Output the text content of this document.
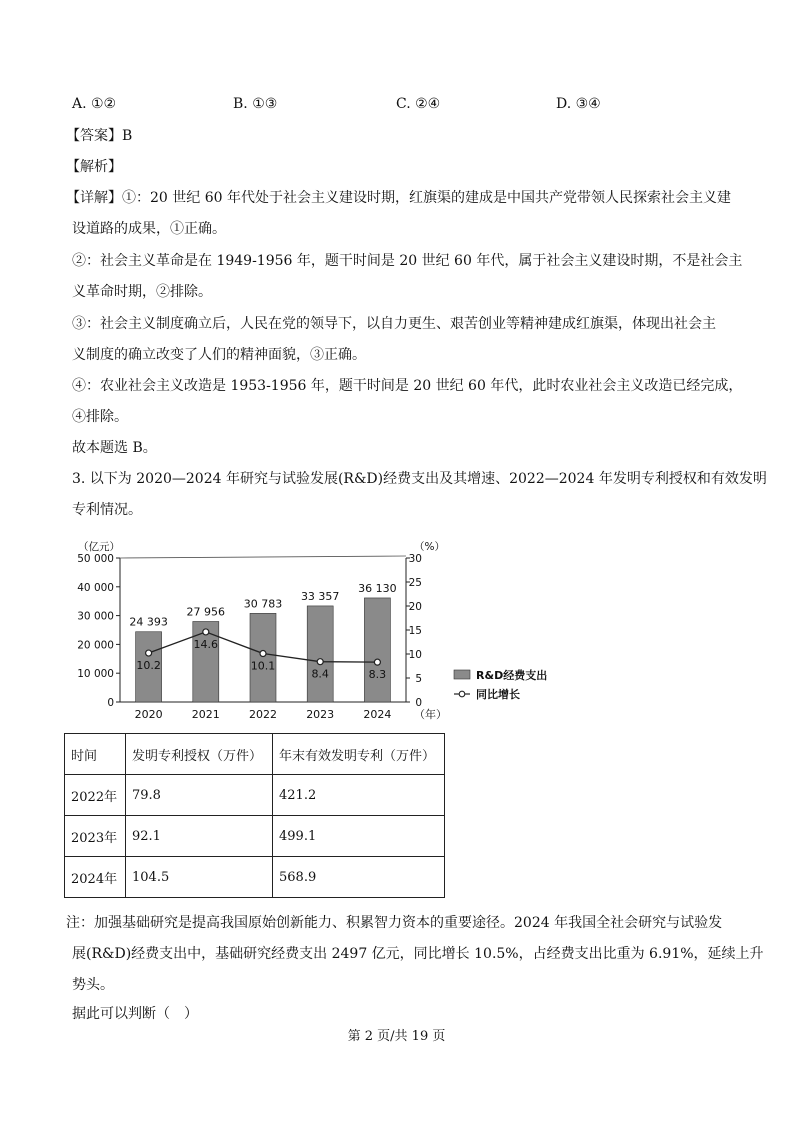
A. ①②	B. ①③	C. ②④	D. ③④
【答案】B
【解析】
【详解】①：20 世纪 60 年代处于社会主义建设时期，红旗渠的建成是中国共产党带领人民探索社会主义建
设道路的成果，①正确。
②：社会主义革命是在 1949-1956 年，题干时间是 20 世纪 60 年代，属于社会主义建设时期，不是社会主
义革命时期，②排除。
③：社会主义制度确立后，人民在党的领导下，以自力更生、艰苦创业等精神建成红旗渠，体现出社会主
义制度的确立改变了人们的精神面貌，③正确。
④：农业社会主义改造是 1953-1956 年，题干时间是 20 世纪 60 年代，此时农业社会主义改造已经完成，
④排除。
故本题选 B。
3. 以下为 2020—2024 年研究与试验发展(R&D)经费支出及其增速、2022—2024 年发明专利授权和有效发明
专利情况。
0
10 000
20 000
30 000
40 000
50 000
0
5
10
15
20
25
30
（亿元）	（%）
24 393
27 956
30 783
33 357
36 130
2020	2021	2022	2023	2024 （年）
10.2
14.6
10.1
8.4	8.3	R&D经费支出
同比增长
时间	发明专利授权（万件）	年末有效发明专利（万件）
2022年	79.8	421.2
2023年	92.1	499.1
2024年	104.5	568.9
注：加强基础研究是提高我国原始创新能力、积累智力资本的重要途径。2024 年我国全社会研究与试验发
展(R&D)经费支出中，基础研究经费支出 2497 亿元，同比增长 10.5%，占经费支出比重为 6.91%，延续上升
势头。
据此可以判断（　）
第 2 页/共 19 页
